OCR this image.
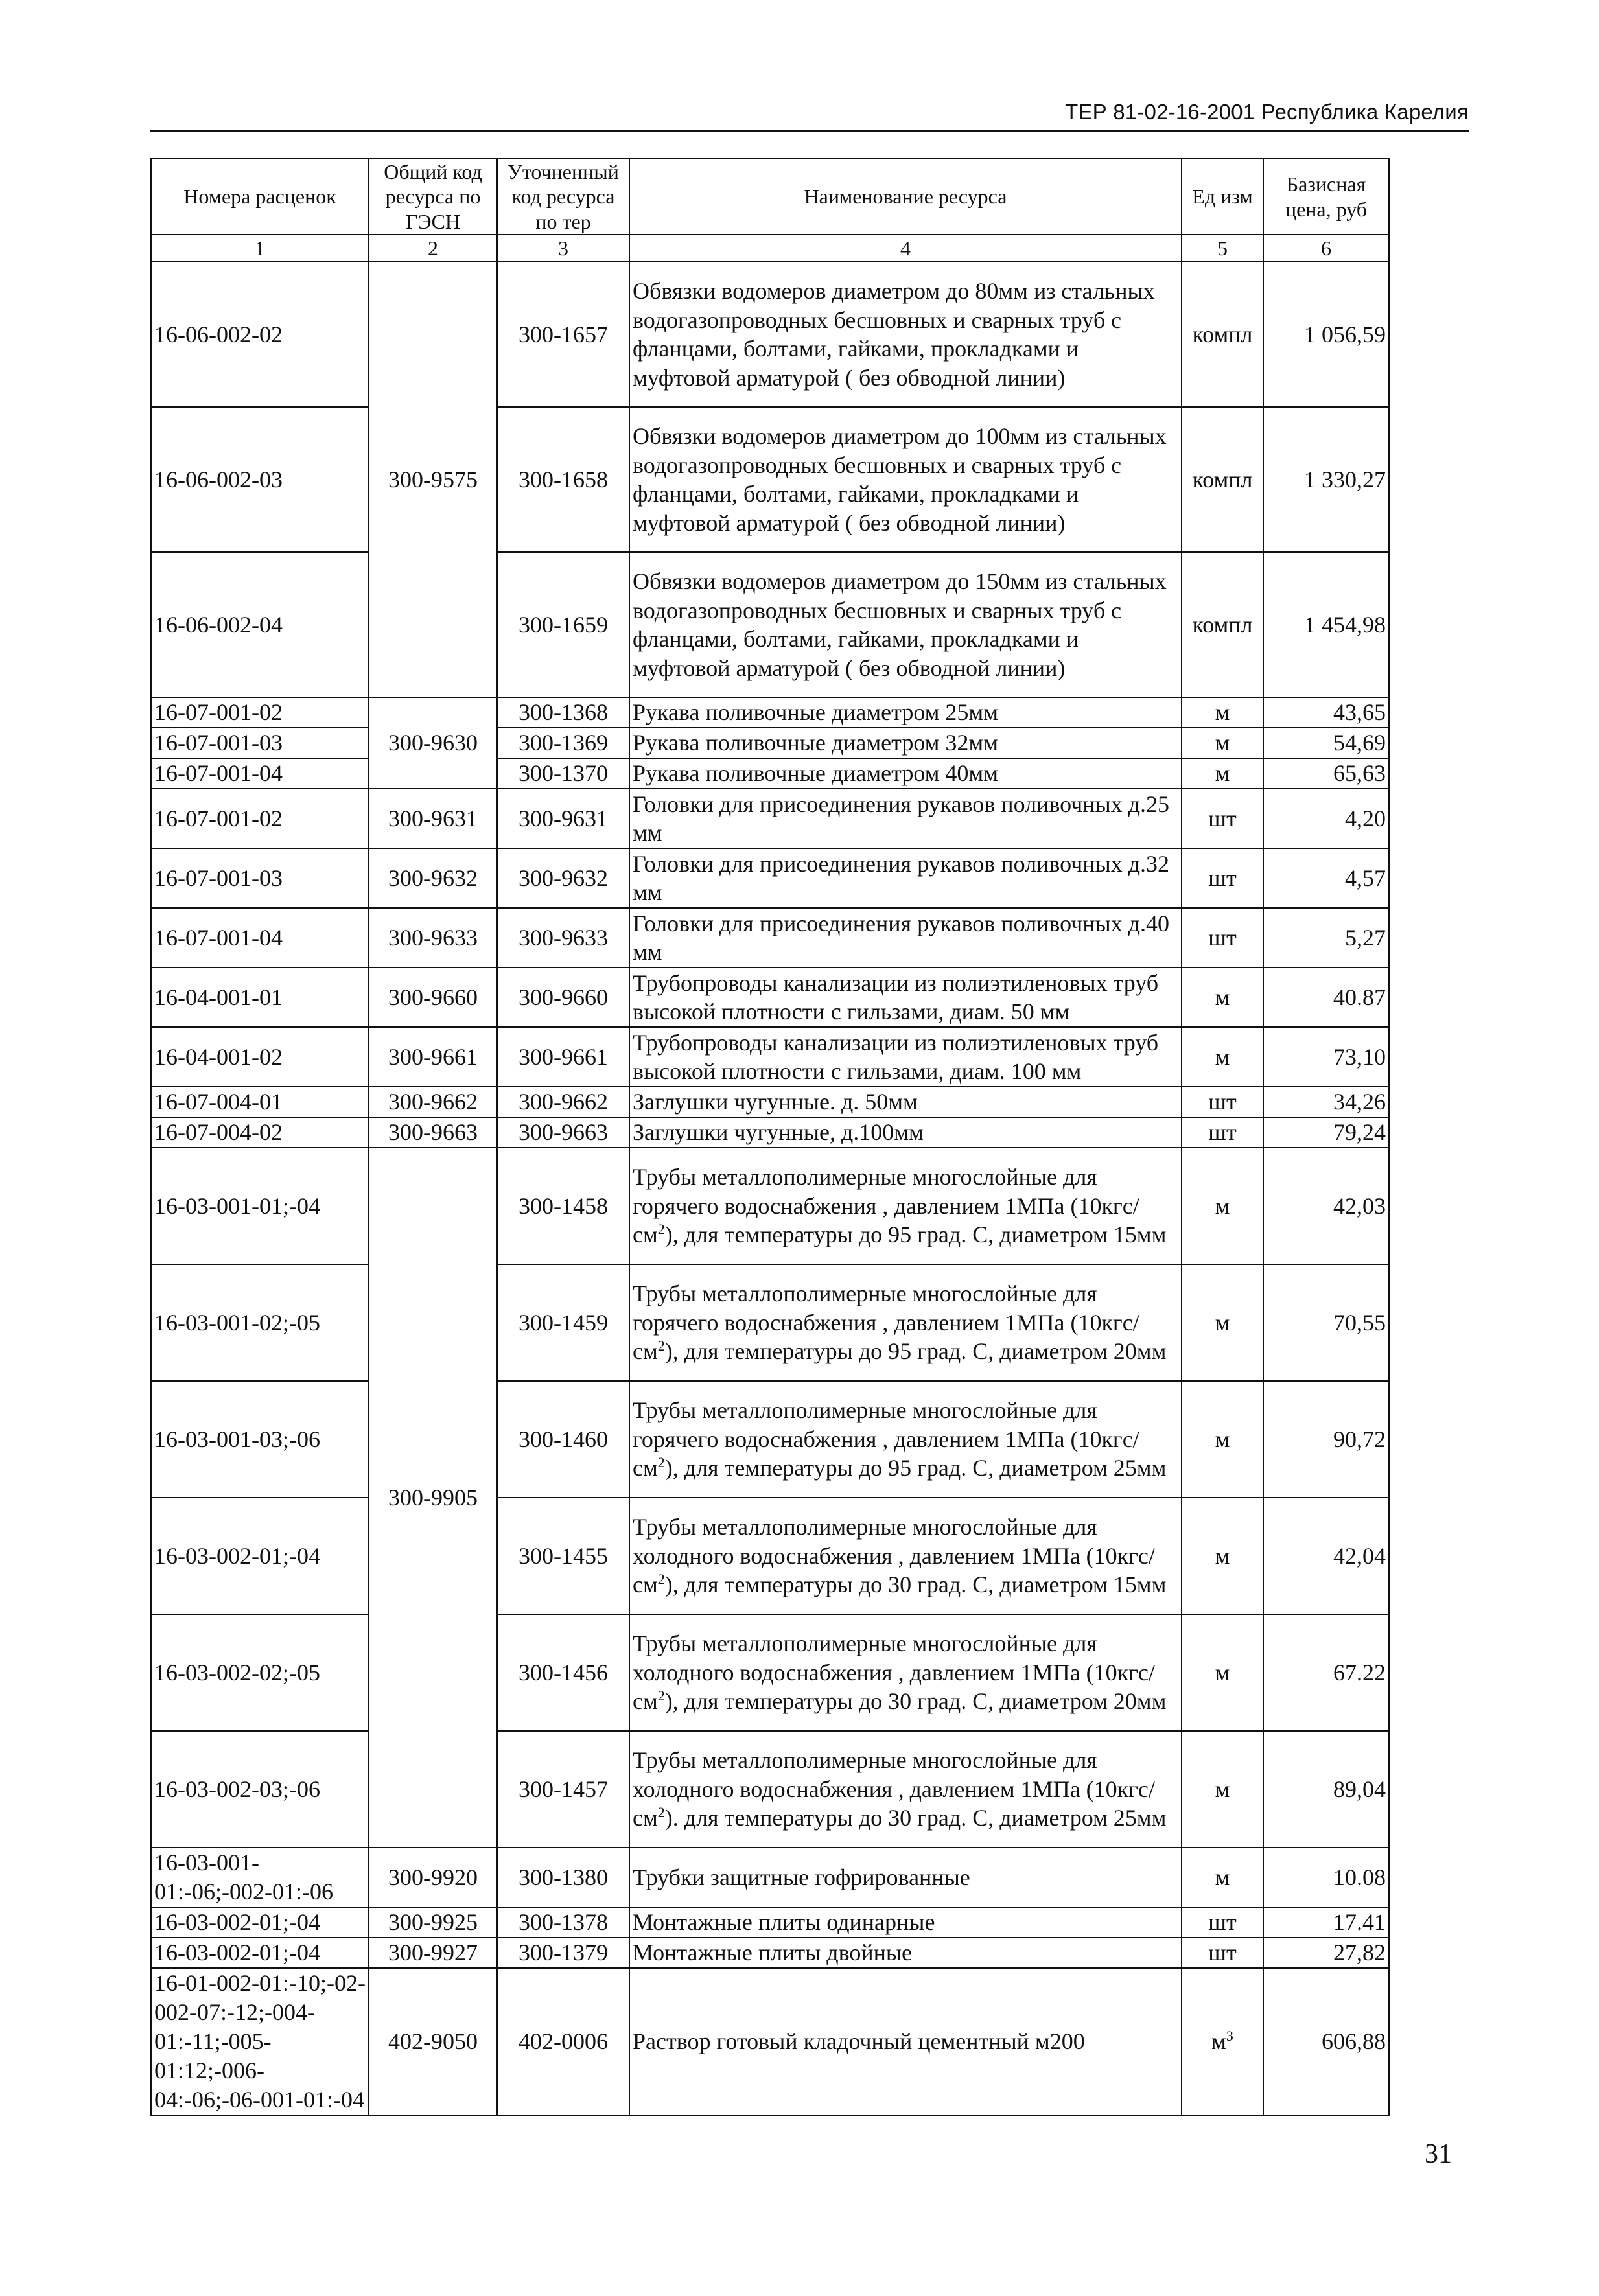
ТЕР 81-02-16-2001 Республика Карелия
Номера расценок	Общий код ресурса по ГЭСН	Уточненный код ресурса по тер	Наименование ресурса	Ед изм	Базисная цена, руб
1	2	3	4	5	6
16-06-002-02	300-9575	300-1657	Обвязки водомеров диаметром до 80мм из стальных водогазопроводных бесшовных и сварных труб с фланцами, болтами, гайками, прокладками и муфтовой арматурой ( без обводной линии)	компл	1 056,59
16-06-002-03		300-1658	Обвязки водомеров диаметром до 100мм из стальных водогазопроводных бесшовных и сварных труб с фланцами, болтами, гайками, прокладками и муфтовой арматурой ( без обводной линии)	компл	1 330,27
16-06-002-04		300-1659	Обвязки водомеров диаметром до 150мм из стальных водогазопроводных бесшовных и сварных труб с фланцами, болтами, гайками, прокладками и муфтовой арматурой ( без обводной линии)	компл	1 454,98
16-07-001-02	300-9630	300-1368	Рукава поливочные диаметром 25мм	м	43,65
16-07-001-03		300-1369	Рукава поливочные диаметром 32мм	м	54,69
16-07-001-04		300-1370	Рукава поливочные диаметром 40мм	м	65,63
16-07-001-02	300-9631	300-9631	Головки для присоединения рукавов поливочных д.25 мм	шт	4,20
16-07-001-03	300-9632	300-9632	Головки для присоединения рукавов поливочных д.32 мм	шт	4,57
16-07-001-04	300-9633	300-9633	Головки для присоединения рукавов поливочных д.40 мм	шт	5,27
16-04-001-01	300-9660	300-9660	Трубопроводы канализации из полиэтиленовых труб высокой плотности с гильзами, диам. 50 мм	м	40.87
16-04-001-02	300-9661	300-9661	Трубопроводы канализации из полиэтиленовых труб высокой плотности с гильзами, диам. 100 мм	м	73,10
16-07-004-01	300-9662	300-9662	Заглушки чугунные. д. 50мм	шт	34,26
16-07-004-02	300-9663	300-9663	Заглушки чугунные, д.100мм	шт	79,24
16-03-001-01;-04	300-9905	300-1458	Трубы металлополимерные многослойные для горячего водоснабжения , давлением 1МПа $(10кгс/см^2)$, для температуры до 95 град. С, диаметром 15мм	м	42,03
16-03-001-02;-05		300-1459	Трубы металлополимерные многослойные для горячего водоснабжения , давлением 1МПа $(10кгс/см^2)$, для температуры до 95 град. С, диаметром 20мм	м	70,55
16-03-001-03;-06		300-1460	Трубы металлополимерные многослойные для горячего водоснабжения , давлением 1МПа $(10кгс/см^2)$, для температуры до 95 град. С, диаметром 25мм	м	90,72
16-03-002-01;-04		300-1455	Трубы металлополимерные многослойные для холодного водоснабжения , давлением 1МПа $(10кгс/см^2)$, для температуры до 30 град. С, диаметром 15мм	м	42,04
16-03-002-02;-05		300-1456	Трубы металлополимерные многослойные для холодного водоснабжения , давлением 1МПа $(10кгс/см^2)$, для температуры до 30 град. С, диаметром 20мм	м	67.22
16-03-002-03;-06		300-1457	Трубы металлополимерные многослойные для холодного водоснабжения , давлением 1МПа $(10кгс/см^2)$. для температуры до 30 град. С, диаметром 25мм	м	89,04
16-03-001-01:-06;-002-01:-06	300-9920	300-1380	Трубки защитные гофрированные	м	10.08
16-03-002-01;-04	300-9925	300-1378	Монтажные плиты одинарные	шт	17.41
16-03-002-01;-04	300-9927	300-1379	Монтажные плиты двойные	шт	27,82
16-01-002-01:-10;-02-002-07:-12;-004-01:-11;-005-01:12;-006-04:-06;-06-001-01:-04	402-9050	402-0006	Раствор готовый кладочный цементный м200	$м^3$	606,88
31
